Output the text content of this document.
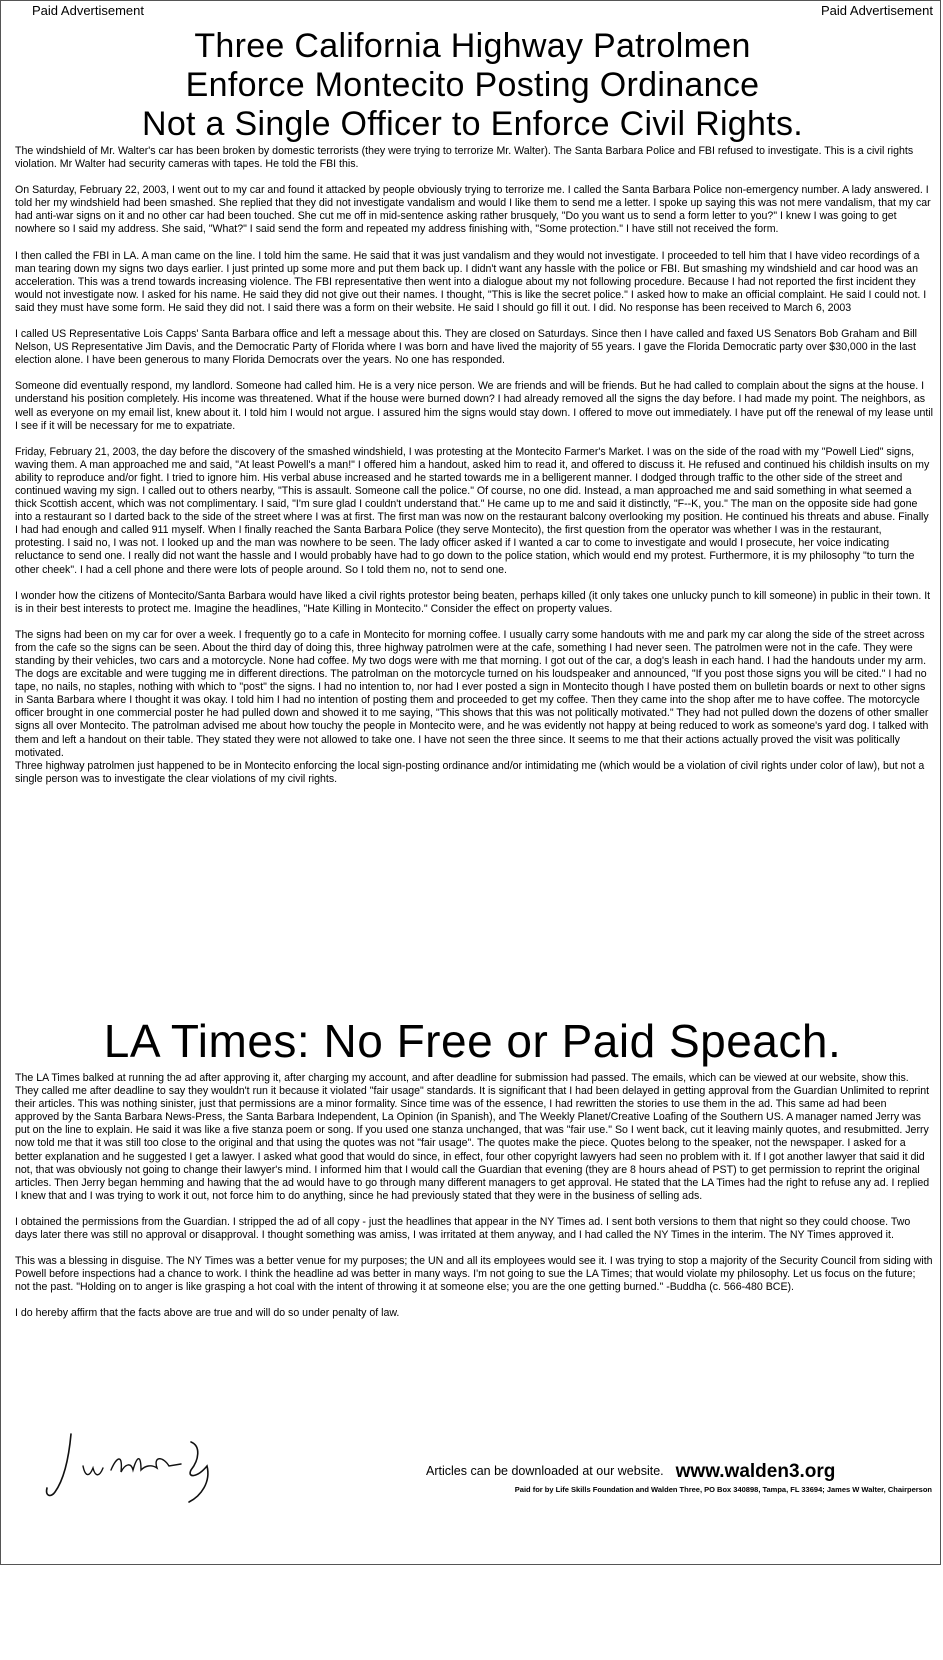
Paid Advertisement	Paid Advertisement
Three California Highway Patrolmen
Enforce Montecito Posting Ordinance
Not a Single Officer to Enforce Civil Rights.

The windshield of Mr. Walter's car has been broken by domestic terrorists (they were trying to terrorize Mr. Walter). The Santa Barbara Police and FBI refused to investigate. This is a civil rights violation. Mr Walter had security cameras with tapes. He told the FBI this.

On Saturday, February 22, 2003, I went out to my car and found it attacked by people obviously trying to terrorize me. I called the Santa Barbara Police non-emergency number. A lady answered. I told her my windshield had been smashed. She replied that they did not investigate vandalism and would I like them to send me a letter. I spoke up saying this was not mere vandalism, that my car had anti-war signs on it and no other car had been touched. She cut me off in mid-sentence asking rather brusquely, "Do you want us to send a form letter to you?" I knew I was going to get nowhere so I said my address. She said, "What?" I said send the form and repeated my address finishing with, "Some protection." I have still not received the form.

I then called the FBI in LA. A man came on the line. I told him the same. He said that it was just vandalism and they would not investigate. I proceeded to tell him that I have video recordings of a man tearing down my signs two days earlier. I just printed up some more and put them back up. I didn't want any hassle with the police or FBI. But smashing my windshield and car hood was an acceleration. This was a trend towards increasing violence. The FBI representative then went into a dialogue about my not following procedure. Because I had not reported the first incident they would not investigate now. I asked for his name. He said they did not give out their names. I thought, "This is like the secret police." I asked how to make an official complaint. He said I could not. I said they must have some form. He said they did not. I said there was a form on their website. He said I should go fill it out. I did. No response has been received to March 6, 2003

I called US Representative Lois Capps' Santa Barbara office and left a message about this. They are closed on Saturdays. Since then I have called and faxed US Senators Bob Graham and Bill Nelson, US Representative Jim Davis, and the Democratic Party of Florida where I was born and have lived the majority of 55 years. I gave the Florida Democratic party over $30,000 in the last election alone. I have been generous to many Florida Democrats over the years. No one has responded.

Someone did eventually respond, my landlord. Someone had called him. He is a very nice person. We are friends and will be friends. But he had called to complain about the signs at the house. I understand his position completely. His income was threatened. What if the house were burned down? I had already removed all the signs the day before. I had made my point. The neighbors, as well as everyone on my email list, knew about it. I told him I would not argue. I assured him the signs would stay down. I offered to move out immediately. I have put off the renewal of my lease until I see if it will be necessary for me to expatriate.

Friday, February 21, 2003, the day before the discovery of the smashed windshield, I was protesting at the Montecito Farmer's Market. I was on the side of the road with my "Powell Lied" signs, waving them. A man approached me and said, "At least Powell's a man!" I offered him a handout, asked him to read it, and offered to discuss it. He refused and continued his childish insults on my ability to reproduce and/or fight. I tried to ignore him. His verbal abuse increased and he started towards me in a belligerent manner. I dodged through traffic to the other side of the street and continued waving my sign. I called out to others nearby, "This is assault. Someone call the police." Of course, no one did. Instead, a man approached me and said something in what seemed a thick Scottish accent, which was not complimentary. I said, "I'm sure glad I couldn't understand that." He came up to me and said it distinctly, "F--K, you." The man on the opposite side had gone into a restaurant so I darted back to the side of the street where I was at first. The first man was now on the restaurant balcony overlooking my position. He continued his threats and abuse. Finally I had had enough and called 911 myself. When I finally reached the Santa Barbara Police (they serve Montecito), the first question from the operator was whether I was in the restaurant, protesting. I said no, I was not. I looked up and the man was nowhere to be seen. The lady officer asked if I wanted a car to come to investigate and would I prosecute, her voice indicating reluctance to send one. I really did not want the hassle and I would probably have had to go down to the police station, which would end my protest. Furthermore, it is my philosophy "to turn the other cheek". I had a cell phone and there were lots of people around. So I told them no, not to send one.

I wonder how the citizens of Montecito/Santa Barbara would have liked a civil rights protestor being beaten, perhaps killed (it only takes one unlucky punch to kill someone) in public in their town. It is in their best interests to protect me. Imagine the headlines, "Hate Killing in Montecito." Consider the effect on property values.

The signs had been on my car for over a week. I frequently go to a cafe in Montecito for morning coffee. I usually carry some handouts with me and park my car along the side of the street across from the cafe so the signs can be seen. About the third day of doing this, three highway patrolmen were at the cafe, something I had never seen. The patrolmen were not in the cafe. They were standing by their vehicles, two cars and a motorcycle. None had coffee. My two dogs were with me that morning. I got out of the car, a dog's leash in each hand. I had the handouts under my arm. The dogs are excitable and were tugging me in different directions. The patrolman on the motorcycle turned on his loudspeaker and announced, "If you post those signs you will be cited." I had no tape, no nails, no staples, nothing with which to "post" the signs. I had no intention to, nor had I ever posted a sign in Montecito though I have posted them on bulletin boards or next to other signs in Santa Barbara where I thought it was okay. I told him I had no intention of posting them and proceeded to get my coffee. Then they came into the shop after me to have coffee. The motorcycle officer brought in one commercial poster he had pulled down and showed it to me saying, "This shows that this was not politically motivated." They had not pulled down the dozens of other smaller signs all over Montecito. The patrolman advised me about how touchy the people in Montecito were, and he was evidently not happy at being reduced to work as someone's yard dog. I talked with them and left a handout on their table. They stated they were not allowed to take one. I have not seen the three since. It seems to me that their actions actually proved the visit was politically motivated.

Three highway patrolmen just happened to be in Montecito enforcing the local sign-posting ordinance and/or intimidating me (which would be a violation of civil rights under color of law), but not a single person was to investigate the clear violations of my civil rights.

LA Times: No Free or Paid Speach.

The LA Times balked at running the ad after approving it, after charging my account, and after deadline for submission had passed. The emails, which can be viewed at our website, show this. They called me after deadline to say they wouldn't run it because it violated "fair usage" standards. It is significant that I had been delayed in getting approval from the Guardian Unlimited to reprint their articles. This was nothing sinister, just that permissions are a minor formality. Since time was of the essence, I had rewritten the stories to use them in the ad. This same ad had been approved by the Santa Barbara News-Press, the Santa Barbara Independent, La Opinion (in Spanish), and The Weekly Planet/Creative Loafing of the Southern US. A manager named Jerry was put on the line to explain. He said it was like a five stanza poem or song. If you used one stanza unchanged, that was "fair use." So I went back, cut it leaving mainly quotes, and resubmitted. Jerry now told me that it was still too close to the original and that using the quotes was not "fair usage". The quotes make the piece. Quotes belong to the speaker, not the newspaper. I asked for a better explanation and he suggested I get a lawyer. I asked what good that would do since, in effect, four other copyright lawyers had seen no problem with it. If I got another lawyer that said it did not, that was obviously not going to change their lawyer's mind. I informed him that I would call the Guardian that evening (they are 8 hours ahead of PST) to get permission to reprint the original articles. Then Jerry began hemming and hawing that the ad would have to go through many different managers to get approval. He stated that the LA Times had the right to refuse any ad. I replied I knew that and I was trying to work it out, not force him to do anything, since he had previously stated that they were in the business of selling ads.

I obtained the permissions from the Guardian. I stripped the ad of all copy - just the headlines that appear in the NY Times ad. I sent both versions to them that night so they could choose. Two days later there was still no approval or disapproval. I thought something was amiss, I was irritated at them anyway, and I had called the NY Times in the interim. The NY Times approved it.

This was a blessing in disguise. The NY Times was a better venue for my purposes; the UN and all its employees would see it. I was trying to stop a majority of the Security Council from siding with Powell before inspections had a chance to work. I think the headline ad was better in many ways. I'm not going to sue the LA Times; that would violate my philosophy. Let us focus on the future; not the past. "Holding on to anger is like grasping a hot coal with the intent of throwing it at someone else; you are the one getting burned." -Buddha (c. 566-480 BCE).

I do hereby affirm that the facts above are true and will do so under penalty of law.

Articles can be downloaded at our website. www.walden3.org
Paid for by Life Skills Foundation and Walden Three, PO Box 340898, Tampa, FL 33694; James W Walter, Chairperson
